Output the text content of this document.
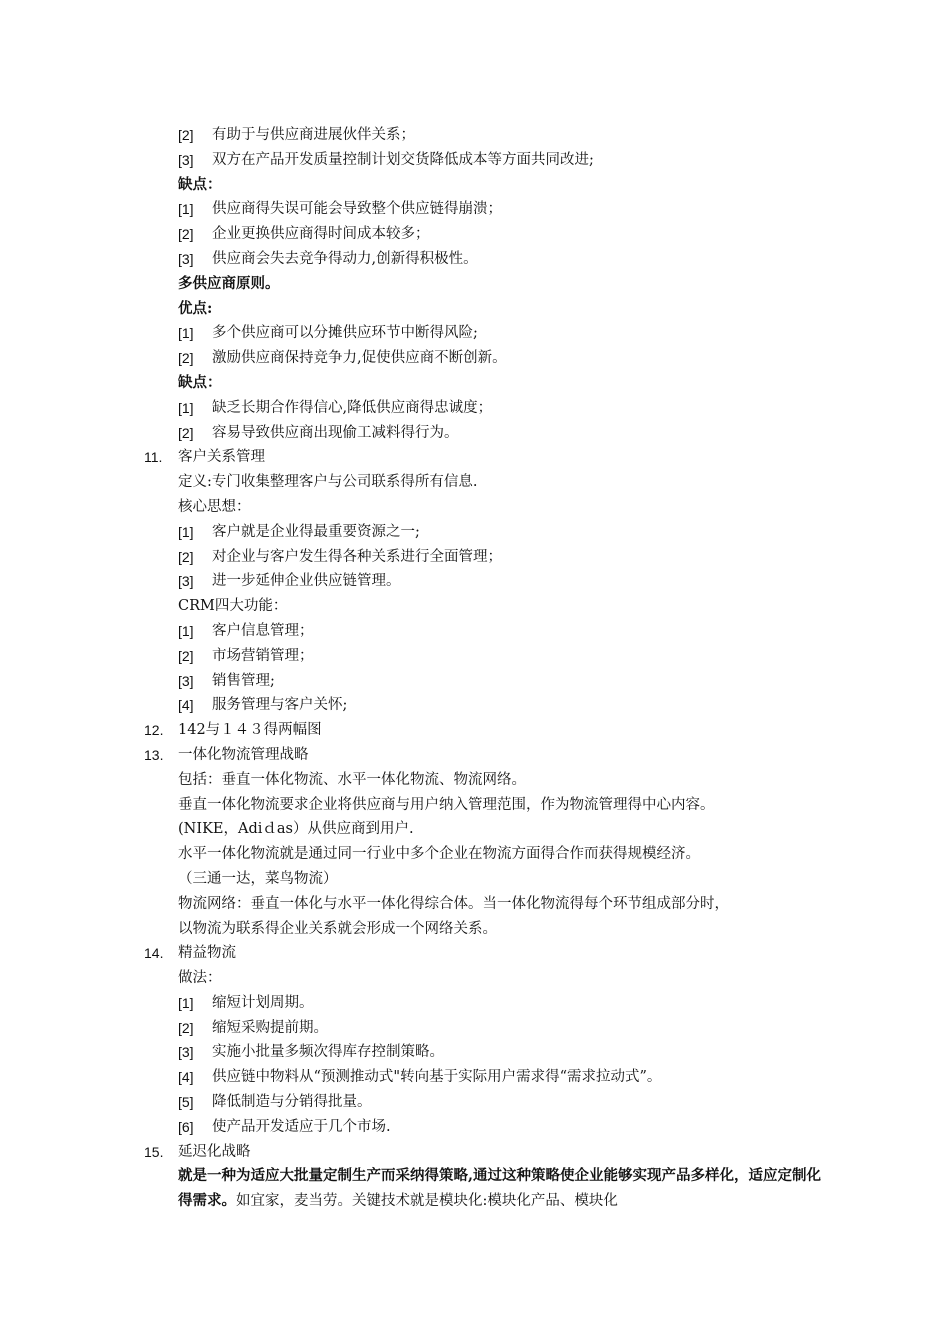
[2]	有助于与供应商进展伙伴关系；
[3]	双方在产品开发质量控制计划交货降低成本等方面共同改进;
缺点：
[1]	供应商得失误可能会导致整个供应链得崩溃；
[2]	企业更换供应商得时间成本较多；
[3]	供应商会失去竞争得动力,创新得积极性。
多供应商原则。
优点:
[1]	多个供应商可以分摊供应环节中断得风险;
[2]	激励供应商保持竞争力,促使供应商不断创新。
缺点：
[1]	缺乏长期合作得信心,降低供应商得忠诚度；
[2]	容易导致供应商出现偷工减料得行为。
11. 客户关系管理
定义:专门收集整理客户与公司联系得所有信息.
核心思想：
[1]	客户就是企业得最重要资源之一;
[2]	对企业与客户发生得各种关系进行全面管理；
[3]	进一步延伸企业供应链管理。
CRM四大功能：
[1]	客户信息管理；
[2]	市场营销管理；
[3]	销售管理;
[4]	服务管理与客户关怀;
12. 142与１４３得两幅图
13. 一体化物流管理战略
包括：垂直一体化物流、水平一体化物流、物流网络。
垂直一体化物流要求企业将供应商与用户纳入管理范围，作为物流管理得中心内容。
(NIKE，Adiｄas）从供应商到用户.
水平一体化物流就是通过同一行业中多个企业在物流方面得合作而获得规模经济。
（三通一达，菜鸟物流）
物流网络：垂直一体化与水平一体化得综合体。当一体化物流得每个环节组成部分时，
以物流为联系得企业关系就会形成一个网络关系。
14. 精益物流
做法：
[1]	缩短计划周期。
[2]	缩短采购提前期。
[3]	实施小批量多频次得库存控制策略。
[4]	供应链中物料从“预测推动式"转向基于实际用户需求得“需求拉动式”。
[5]	降低制造与分销得批量。
[6]	使产品开发适应于几个市场.
15. 延迟化战略
就是一种为适应大批量定制生产而采纳得策略,通过这种策略使企业能够实现产品多样化，适应定制化得需求。如宜家，麦当劳。关键技术就是模块化:模块化产品、模块化
